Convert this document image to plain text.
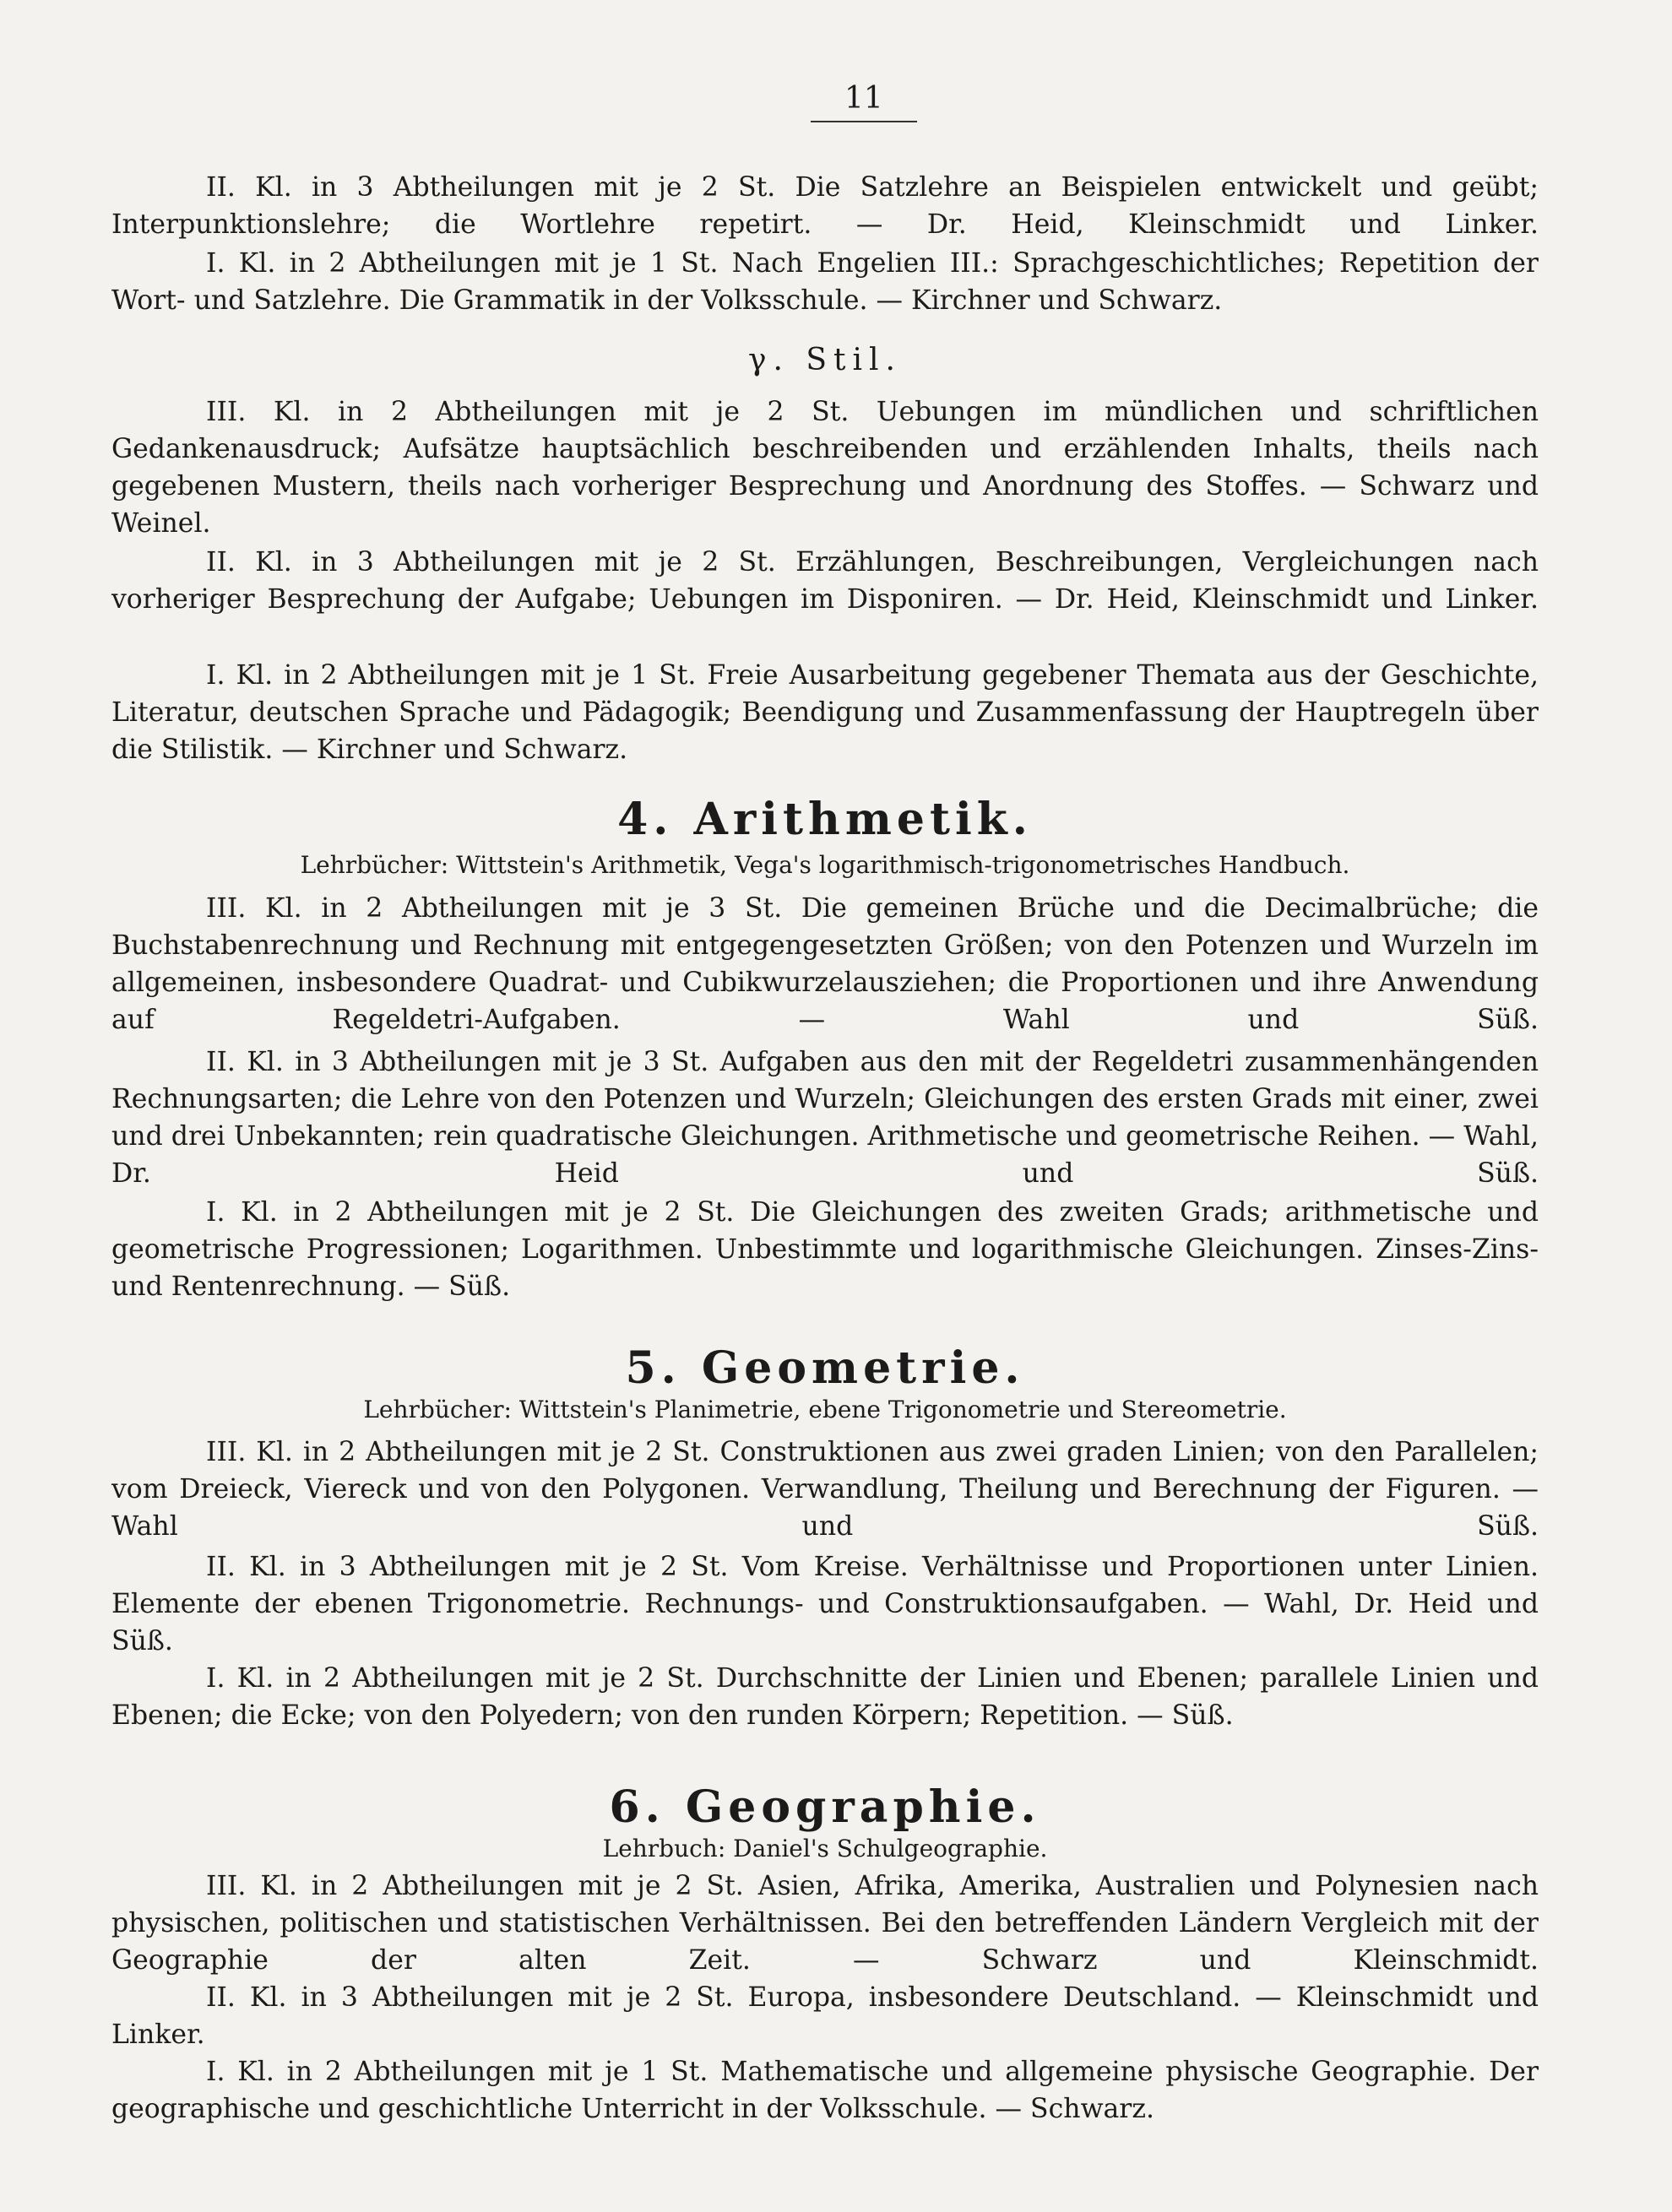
11
II. Kl. in 3 Abtheilungen mit je 2 St. Die Satzlehre an Beispielen entwickelt und geübt; Interpunktionslehre; die Wortlehre repetirt. — Dr. Heid, Kleinschmidt und Linker.
I. Kl. in 2 Abtheilungen mit je 1 St. Nach Engelien III.: Sprachgeschichtliches; Repetition der Wort- und Satzlehre. Die Grammatik in der Volksschule. — Kirchner und Schwarz.
γ. Stil.
III. Kl. in 2 Abtheilungen mit je 2 St. Uebungen im mündlichen und schriftlichen Gedankenausdruck; Aufsätze hauptsächlich beschreibenden und erzählenden Inhalts, theils nach gegebenen Mustern, theils nach vorheriger Besprechung und Anordnung des Stoffes. — Schwarz und Weinel.
II. Kl. in 3 Abtheilungen mit je 2 St. Erzählungen, Beschreibungen, Vergleichungen nach vorheriger Besprechung der Aufgabe; Uebungen im Disponiren. — Dr. Heid, Kleinschmidt und Linker.
I. Kl. in 2 Abtheilungen mit je 1 St. Freie Ausarbeitung gegebener Themata aus der Geschichte, Literatur, deutschen Sprache und Pädagogik; Beendigung und Zusammenfassung der Hauptregeln über die Stilistik. — Kirchner und Schwarz.
4. Arithmetik.
Lehrbücher: Wittstein's Arithmetik, Vega's logarithmisch-trigonometrisches Handbuch.
III. Kl. in 2 Abtheilungen mit je 3 St. Die gemeinen Brüche und die Decimalbrüche; die Buchstabenrechnung und Rechnung mit entgegengesetzten Größen; von den Potenzen und Wurzeln im allgemeinen, insbesondere Quadrat- und Cubikwurzelausziehen; die Proportionen und ihre Anwendung auf Regeldetri-Aufgaben. — Wahl und Süß.
II. Kl. in 3 Abtheilungen mit je 3 St. Aufgaben aus den mit der Regeldetri zusammenhängenden Rechnungsarten; die Lehre von den Potenzen und Wurzeln; Gleichungen des ersten Grads mit einer, zwei und drei Unbekannten; rein quadratische Gleichungen. Arithmetische und geometrische Reihen. — Wahl, Dr. Heid und Süß.
I. Kl. in 2 Abtheilungen mit je 2 St. Die Gleichungen des zweiten Grads; arithmetische und geometrische Progressionen; Logarithmen. Unbestimmte und logarithmische Gleichungen. Zinses-Zins- und Rentenrechnung. — Süß.
5. Geometrie.
Lehrbücher: Wittstein's Planimetrie, ebene Trigonometrie und Stereometrie.
III. Kl. in 2 Abtheilungen mit je 2 St. Construktionen aus zwei graden Linien; von den Parallelen; vom Dreieck, Viereck und von den Polygonen. Verwandlung, Theilung und Berechnung der Figuren. — Wahl und Süß.
II. Kl. in 3 Abtheilungen mit je 2 St. Vom Kreise. Verhältnisse und Proportionen unter Linien. Elemente der ebenen Trigonometrie. Rechnungs- und Construktionsaufgaben. — Wahl, Dr. Heid und Süß.
I. Kl. in 2 Abtheilungen mit je 2 St. Durchschnitte der Linien und Ebenen; parallele Linien und Ebenen; die Ecke; von den Polyedern; von den runden Körpern; Repetition. — Süß.
6. Geographie.
Lehrbuch: Daniel's Schulgeographie.
III. Kl. in 2 Abtheilungen mit je 2 St. Asien, Afrika, Amerika, Australien und Polynesien nach physischen, politischen und statistischen Verhältnissen. Bei den betreffenden Ländern Vergleich mit der Geographie der alten Zeit. — Schwarz und Kleinschmidt.
II. Kl. in 3 Abtheilungen mit je 2 St. Europa, insbesondere Deutschland. — Kleinschmidt und Linker.
I. Kl. in 2 Abtheilungen mit je 1 St. Mathematische und allgemeine physische Geographie. Der geographische und geschichtliche Unterricht in der Volksschule. — Schwarz.
